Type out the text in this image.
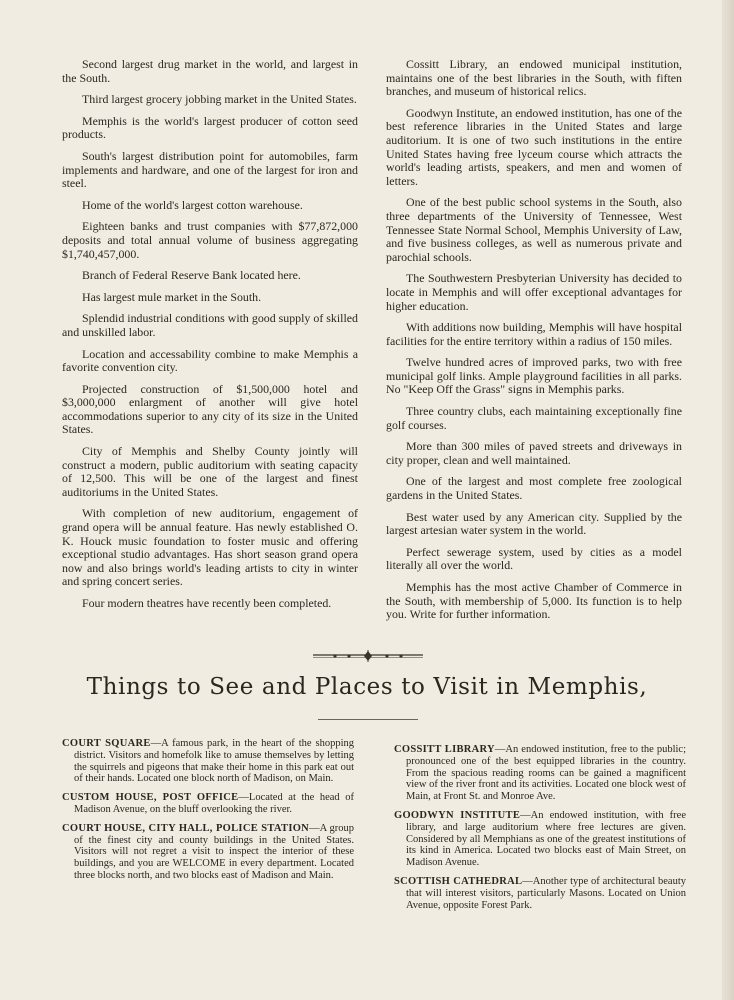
Second largest drug market in the world, and largest in the South.

Third largest grocery jobbing market in the United States.

Memphis is the world's largest producer of cotton seed products.

South's largest distribution point for automobiles, farm implements and hardware, and one of the largest for iron and steel.

Home of the world's largest cotton warehouse.

Eighteen banks and trust companies with $77,872,000 deposits and total annual volume of business aggregating $1,740,457,000.

Branch of Federal Reserve Bank located here.

Has largest mule market in the South.

Splendid industrial conditions with good supply of skilled and unskilled labor.

Location and accessability combine to make Memphis a favorite convention city.

Projected construction of $1,500,000 hotel and $3,000,000 enlargment of another will give hotel accommodations superior to any city of its size in the United States.

City of Memphis and Shelby County jointly will construct a modern, public auditorium with seating capacity of 12,500. This will be one of the largest and finest auditoriums in the United States.

With completion of new auditorium, engagement of grand opera will be annual feature. Has newly established O. K. Houck music foundation to foster music and offering exceptional studio advantages. Has short season grand opera now and also brings world's leading artists to city in winter and spring concert series.

Four modern theatres have recently been completed.

Cossitt Library, an endowed municipal institution, maintains one of the best libraries in the South, with fiften branches, and museum of historical relics.

Goodwyn Institute, an endowed institution, has one of the best reference libraries in the United States and large auditorium. It is one of two such institutions in the entire United States having free lyceum course which attracts the world's leading artists, speakers, and men and women of letters.

One of the best public school systems in the South, also three departments of the University of Tennessee, West Tennessee State Normal School, Memphis University of Law, and five business colleges, as well as numerous private and parochial schools.

The Southwestern Presbyterian University has decided to locate in Memphis and will offer exceptional advantages for higher education.

With additions now building, Memphis will have hospital facilities for the entire territory within a radius of 150 miles.

Twelve hundred acres of improved parks, two with free municipal golf links. Ample playground facilities in all parks. No "Keep Off the Grass" signs in Memphis parks.

Three country clubs, each maintaining exceptionally fine golf courses.

More than 300 miles of paved streets and driveways in city proper, clean and well maintained.

One of the largest and most complete free zoological gardens in the United States.

Best water used by any American city. Supplied by the largest artesian water system in the world.

Perfect sewerage system, used by cities as a model literally all over the world.

Memphis has the most active Chamber of Commerce in the South, with membership of 5,000. Its function is to help you. Write for further information.

Things to See and Places to Visit in Memphis,

COURT SQUARE—A famous park, in the heart of the shopping district. Visitors and homefolk like to amuse themselves by letting the squirrels and pigeons that make their home in this park eat out of their hands. Located one block north of Madison, on Main.

CUSTOM HOUSE, POST OFFICE—Located at the head of Madison Avenue, on the bluff overlooking the river.

COURT HOUSE, CITY HALL, POLICE STATION—A group of the finest city and county buildings in the United States. Visitors will not regret a visit to inspect the interior of these buildings, and you are WELCOME in every department. Located three blocks north, and two blocks east of Madison and Main.

COSSITT LIBRARY—An endowed institution, free to the public; pronounced one of the best equipped libraries in the country. From the spacious reading rooms can be gained a magnificent view of the river front and its activities. Located one block west of Main, at Front St. and Monroe Ave.

GOODWYN INSTITUTE—An endowed institution, with free library, and large auditorium where free lectures are given. Considered by all Memphians as one of the greatest institutions of its kind in America. Located two blocks east of Main Street, on Madison Avenue.

SCOTTISH CATHEDRAL—Another type of architectural beauty that will interest visitors, particularly Masons. Located on Union Avenue, opposite Forest Park.
